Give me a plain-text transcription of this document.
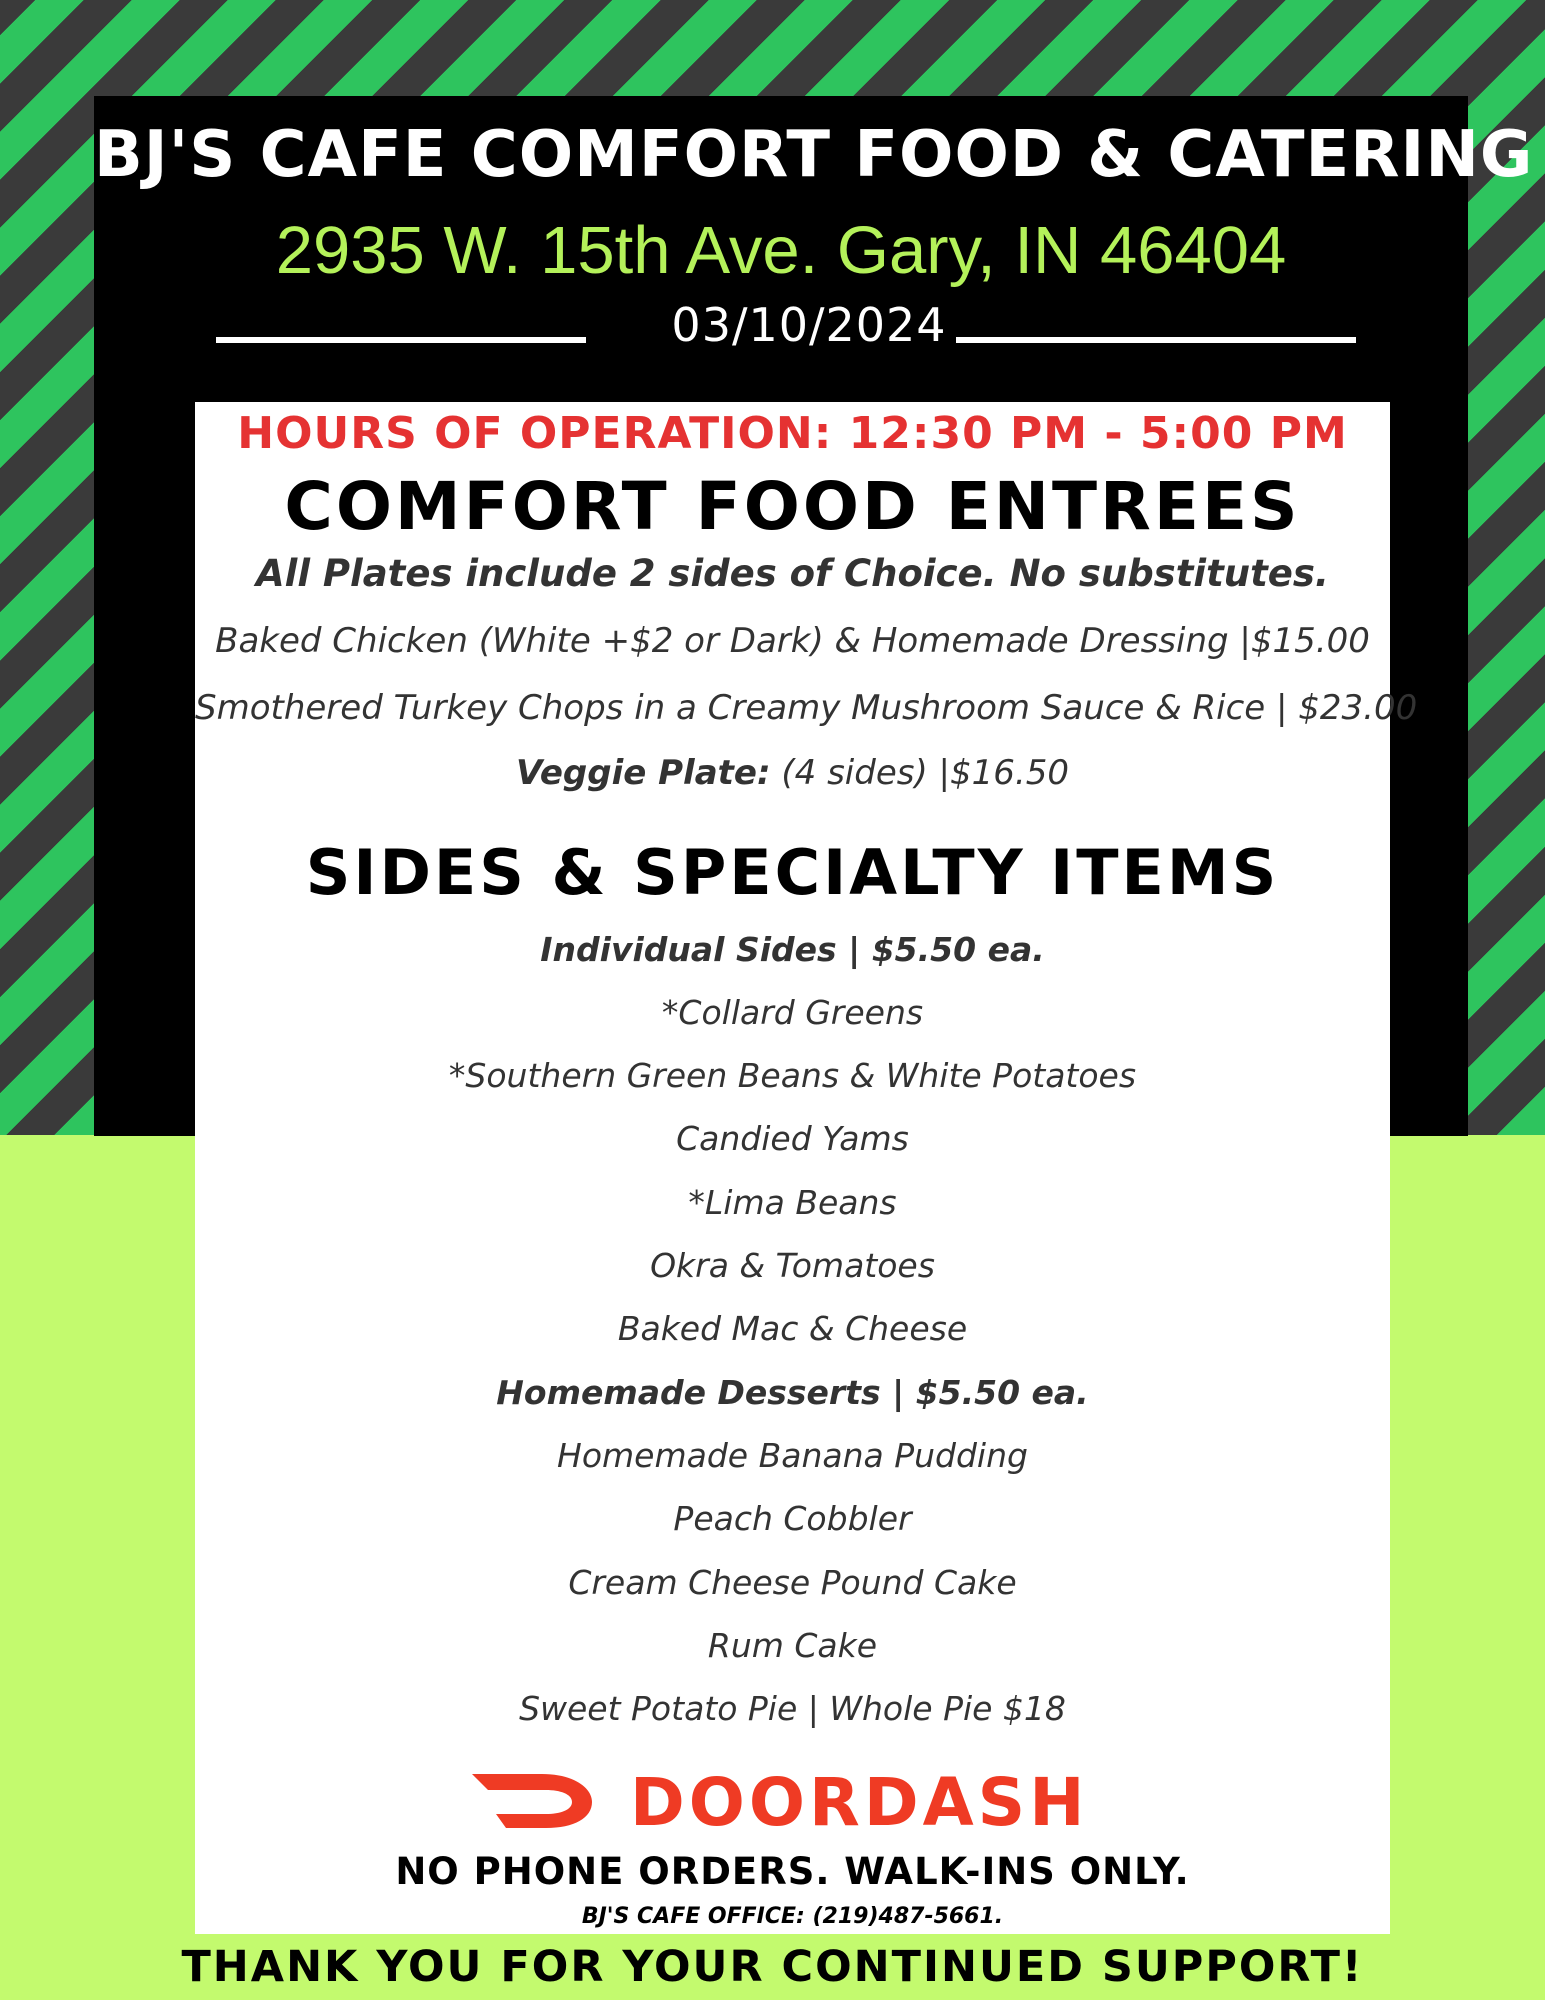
BJ'S CAFE COMFORT FOOD & CATERING
2935 W. 15th Ave. Gary, IN 46404
03/10/2024
HOURS OF OPERATION: 12:30 PM - 5:00 PM
COMFORT FOOD ENTREES
All Plates include 2 sides of Choice. No substitutes.
Baked Chicken (White +$2 or Dark) & Homemade Dressing |$15.00
Smothered Turkey Chops in a Creamy Mushroom Sauce & Rice | $23.00
Veggie Plate: (4 sides) |$16.50
SIDES & SPECIALTY ITEMS
Individual Sides | $5.50 ea.
*Collard Greens
*Southern Green Beans & White Potatoes
Candied Yams
*Lima Beans
Okra & Tomatoes
Baked Mac & Cheese
Homemade Desserts | $5.50 ea.
Homemade Banana Pudding
Peach Cobbler
Cream Cheese Pound Cake
Rum Cake
Sweet Potato Pie | Whole Pie $18
DOORDASH
NO PHONE ORDERS. WALK-INS ONLY.
BJ'S CAFE OFFICE: (219)487-5661.
THANK YOU FOR YOUR CONTINUED SUPPORT!
